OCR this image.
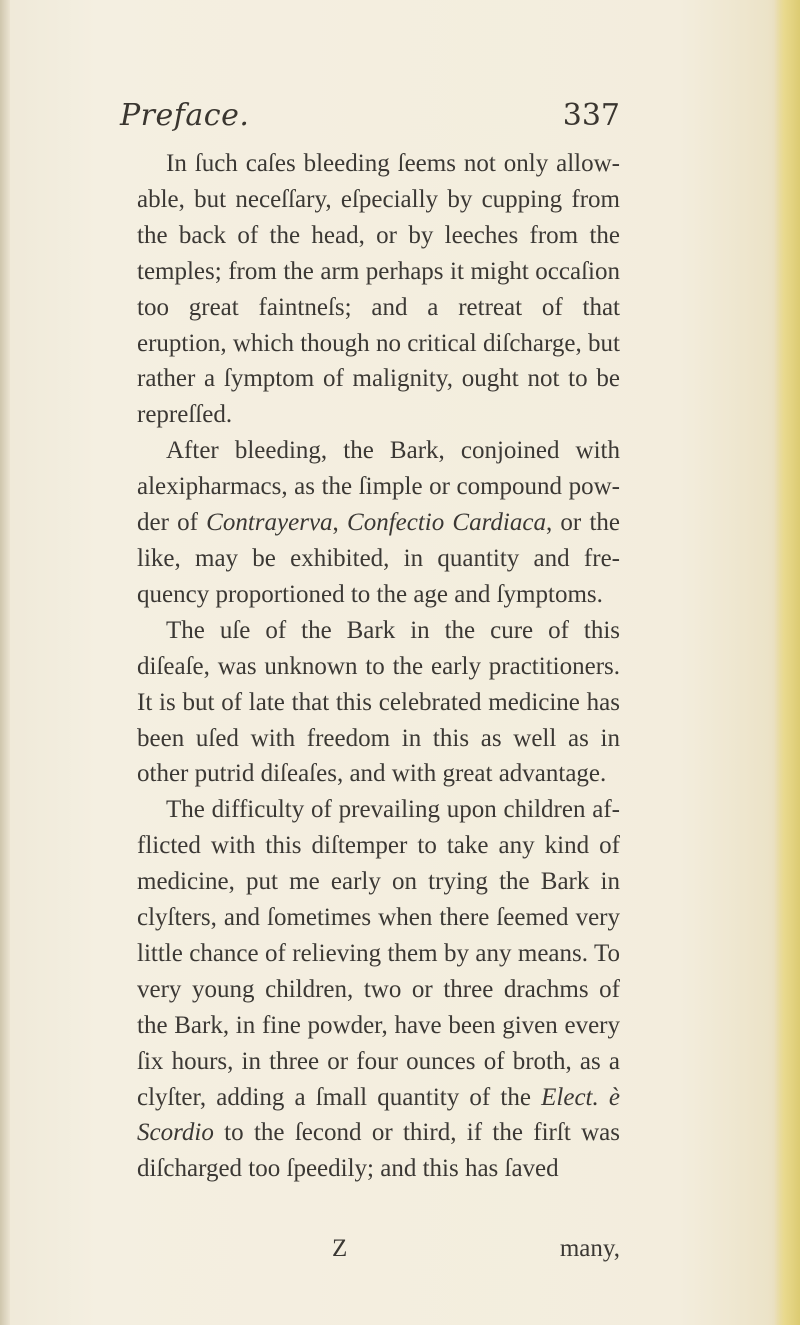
Preface.	337

In ſuch caſes bleeding ſeems not only allowable, but neceſſary, eſpecially by cupping from the back of the head, or by leeches from the temples; from the arm perhaps it might occaſion too great faintneſs; and a retreat of that eruption, which though no critical diſcharge, but rather a ſymptom of malignity, ought not to be repreſſed.

After bleeding, the Bark, conjoined with alexipharmacs, as the ſimple or compound powder of Contrayerva, Confectio Cardiaca, or the like, may be exhibited, in quantity and frequency proportioned to the age and ſymptoms.

The uſe of the Bark in the cure of this diſeaſe, was unknown to the early practitioners. It is but of late that this celebrated medicine has been uſed with freedom in this as well as in other putrid diſeaſes, and with great advantage.

The difficulty of prevailing upon children afflicted with this diſtemper to take any kind of medicine, put me early on trying the Bark in clyſters, and ſometimes when there ſeemed very little chance of relieving them by any means. To very young children, two or three drachms of the Bark, in fine powder, have been given every ſix hours, in three or four ounces of broth, as a clyſter, adding a ſmall quantity of the Elect. è Scordio to the ſecond or third, if the firſt was diſcharged too ſpeedily; and this has ſaved

Z	many,
